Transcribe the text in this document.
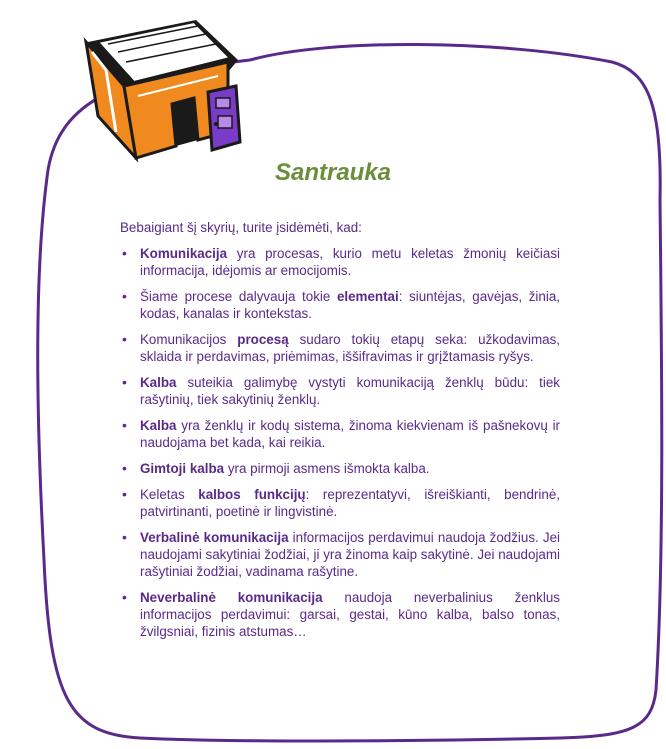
Santrauka
Bebaigiant šį skyrių, turite įsidėmėti, kad:
• Komunikacija yra procesas, kurio metu keletas žmonių keičiasi informacija, idėjomis ar emocijomis.
• Šiame procese dalyvauja tokie elementai: siuntėjas, gavėjas, žinia, kodas, kanalas ir kontekstas.
• Komunikacijos procesą sudaro tokių etapų seka: užkodavimas, sklaida ir perdavimas, priėmimas, iššifravimas ir grįžtamasis ryšys.
• Kalba suteikia galimybę vystyti komunikaciją ženklų būdu: tiek rašytinių, tiek sakytinių ženklų.
• Kalba yra ženklų ir kodų sistema, žinoma kiekvienam iš pašnekovų ir naudojama bet kada, kai reikia.
• Gimtoji kalba yra pirmoji asmens išmokta kalba.
• Keletas kalbos funkcijų: reprezentatyvi, išreiškianti, bendrinė, patvirtinanti, poetinė ir lingvistinė.
• Verbalinė komunikacija informacijos perdavimui naudoja žodžius. Jei naudojami sakytiniai žodžiai, ji yra žinoma kaip sakytinė. Jei naudojami rašytiniai žodžiai, vadinama rašytine.
• Neverbalinė komunikacija naudoja neverbalinius ženklus informacijos perdavimui: garsai, gestai, kūno kalba, balso tonas, žvilgsniai, fizinis atstumas…
